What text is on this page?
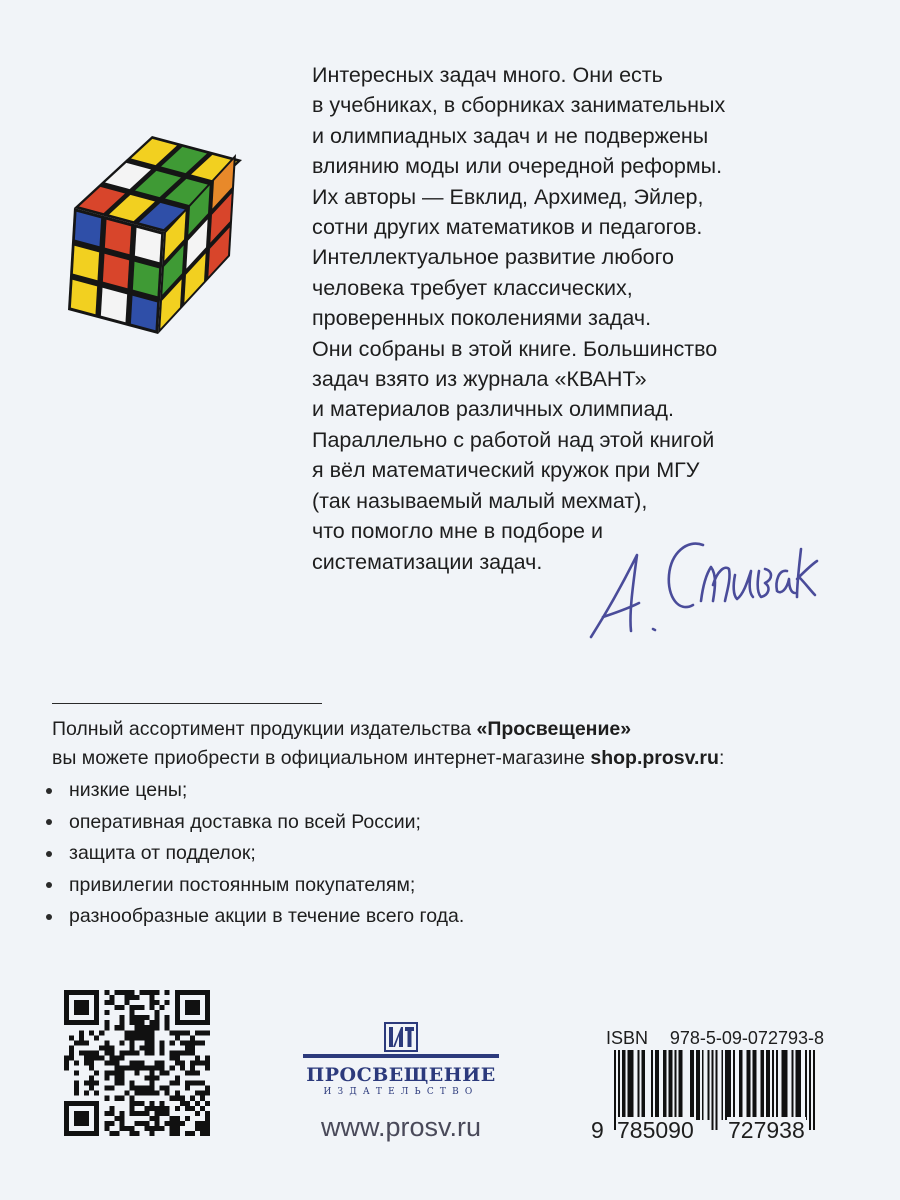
Интересных задач много. Они есть
в учебниках, в сборниках занимательных
и олимпиадных задач и не подвержены
влиянию моды или очередной реформы.
Их авторы — Евклид, Архимед, Эйлер,
сотни других математиков и педагогов.
Интеллектуальное развитие любого
человека требует классических,
проверенных поколениями задач.
Они собраны в этой книге. Большинство
задач взято из журнала «КВАНТ»
и материалов различных олимпиад.
Параллельно с работой над этой книгой
я вёл математический кружок при МГУ
(так называемый малый мехмат),
что помогло мне в подборе и
систематизации задач.
Полный ассортимент продукции издательства «Просвещение»
вы можете приобрести в официальном интернет-магазине shop.prosv.ru:
низкие цены;
оперативная доставка по всей России;
защита от подделок;
привилегии постоянным покупателям;
разнообразные акции в течение всего года.
ПРОСВЕЩЕНИЕ
ИЗДАТЕЛЬСТВО
www.prosv.ru
ISBN 978-5-09-072793-8
9 785090 727938
